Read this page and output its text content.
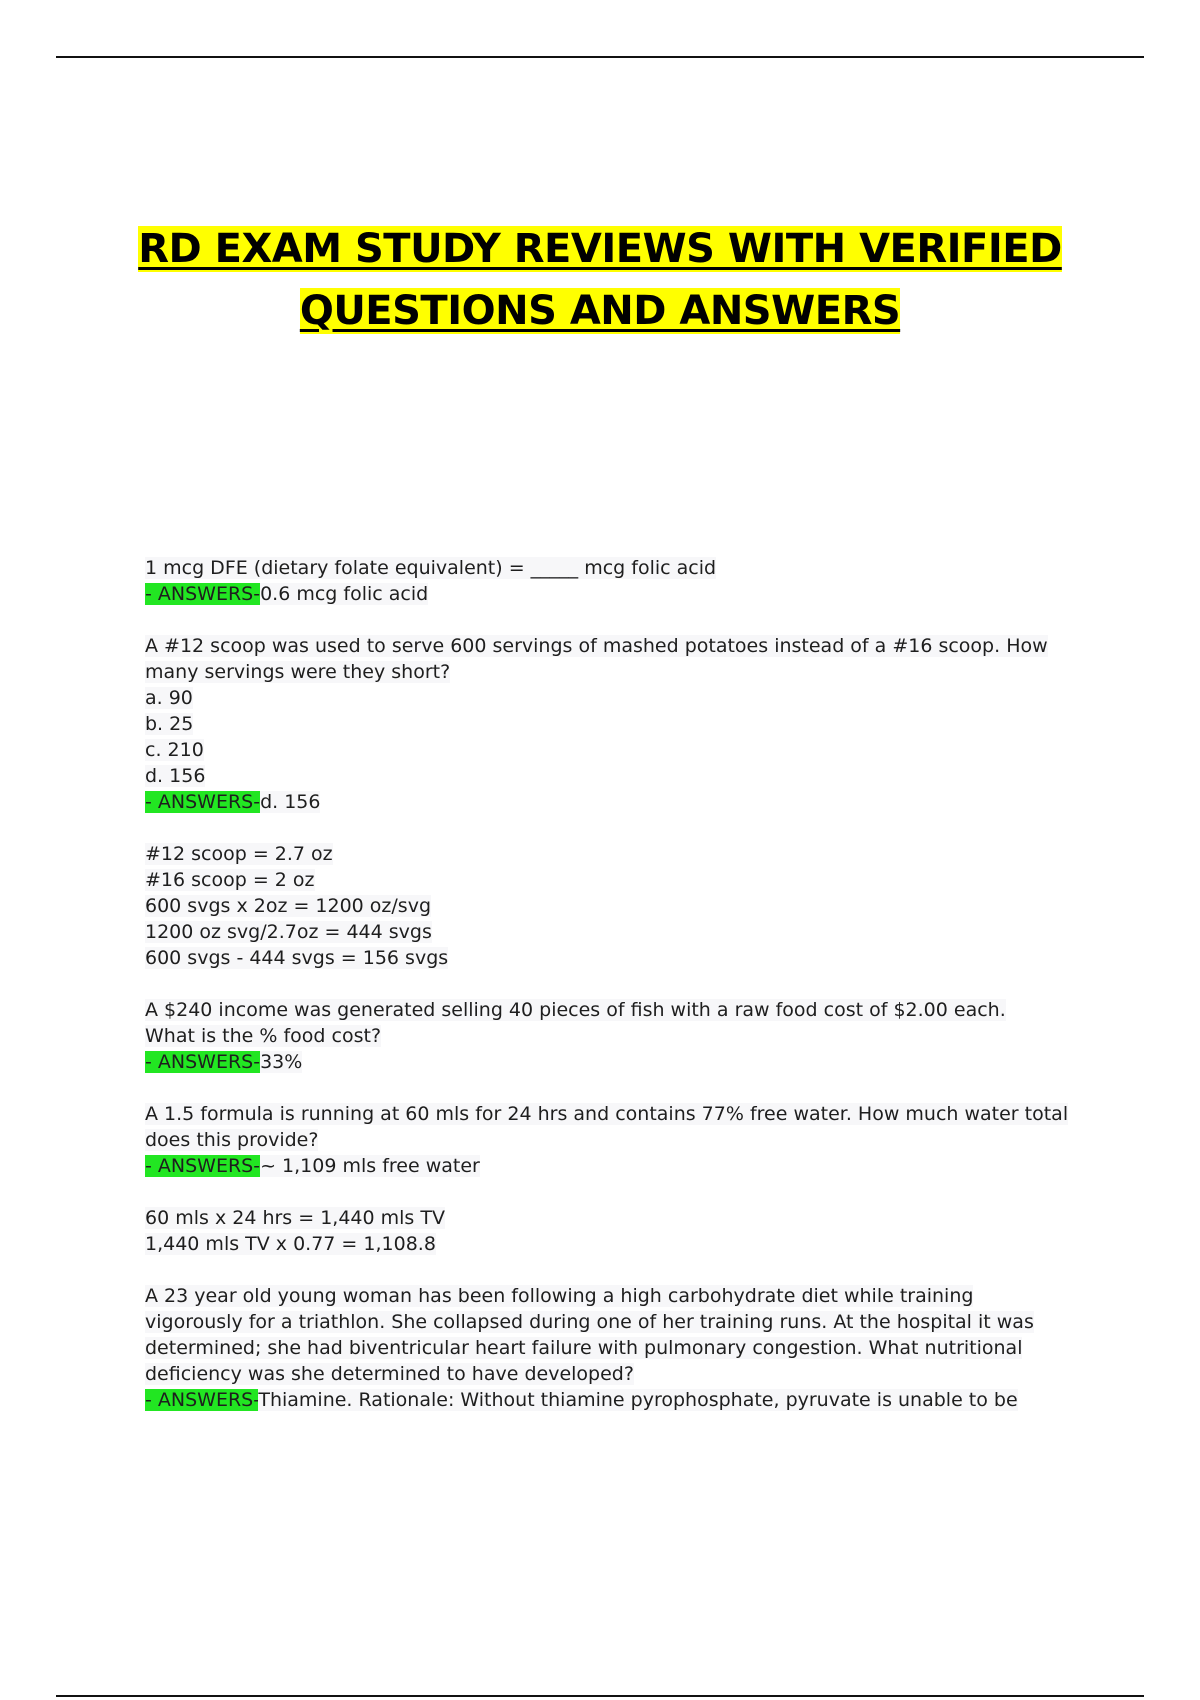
RD EXAM STUDY REVIEWS WITH VERIFIED
QUESTIONS AND ANSWERS
1 mcg DFE (dietary folate equivalent) = _____ mcg folic acid
- ANSWERS-0.6 mcg folic acid
A #12 scoop was used to serve 600 servings of mashed potatoes instead of a #16 scoop. How
many servings were they short?
a. 90
b. 25
c. 210
d. 156
- ANSWERS-d. 156
#12 scoop = 2.7 oz
#16 scoop = 2 oz
600 svgs x 2oz = 1200 oz/svg
1200 oz svg/2.7oz = 444 svgs
600 svgs - 444 svgs = 156 svgs
A $240 income was generated selling 40 pieces of fish with a raw food cost of $2.00 each.
What is the % food cost?
- ANSWERS-33%
A 1.5 formula is running at 60 mls for 24 hrs and contains 77% free water. How much water total
does this provide?
- ANSWERS-~ 1,109 mls free water
60 mls x 24 hrs = 1,440 mls TV
1,440 mls TV x 0.77 = 1,108.8
A 23 year old young woman has been following a high carbohydrate diet while training
vigorously for a triathlon. She collapsed during one of her training runs. At the hospital it was
determined; she had biventricular heart failure with pulmonary congestion. What nutritional
deficiency was she determined to have developed?
- ANSWERS-Thiamine. Rationale: Without thiamine pyrophosphate, pyruvate is unable to be
